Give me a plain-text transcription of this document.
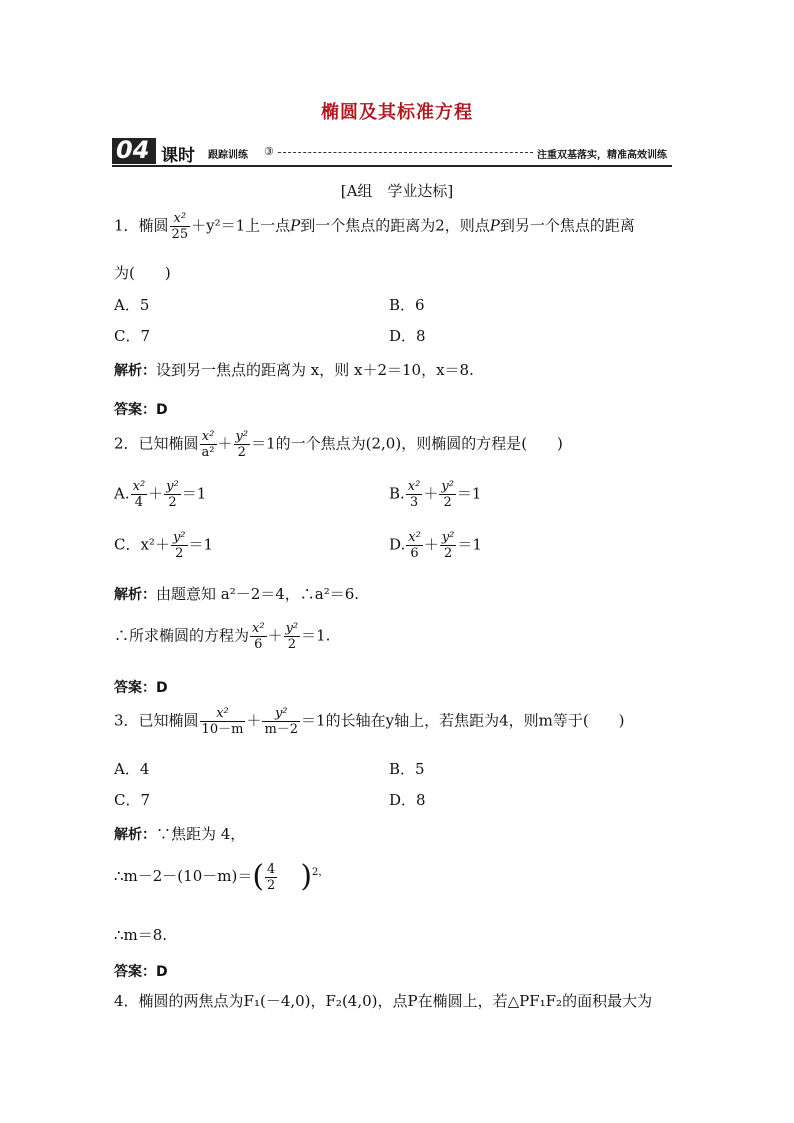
椭圆及其标准方程
04 课时 跟踪训练 ③	注重双基落实，精准高效训练
[A组　学业达标]
1．椭圆 $\frac{\text{x²}}{25} +y^2=1$上一点P到一个焦点的距离为2，则点P到另一个焦点的距离
为(　　)
A．5	B．6
C．7	D．8
解析：设到另一焦点的距离为 x，则 x＋2＝10，x＝8.
答案：D
2．已知椭圆 $\frac{\text{x²}}{\text{a²}} + \frac{\text{y²}}{2} =1$的一个焦点为(2,0)，则椭圆的方程是(　　)
A. $\frac{\text{x²}}{4} + \frac{\text{y²}}{2} =1$	B. $\frac{\text{x²}}{3} + \frac{\text{y²}}{2} =1$
C．$x^2+ \frac{\text{y²}}{2} =1$	D. $\frac{\text{x²}}{6} + \frac{\text{y²}}{2} =1$
解析：由题意知 a²－2＝4，∴a²＝6.
∴所求椭圆的方程为 $\frac{\text{x²}}{6} + \frac{\text{y²}}{2} =1$.
答案：D
3．已知椭圆 $\frac{\text{x²}}{10-m} + \frac{\text{y²}}{m-2} =1$的长轴在y轴上，若焦距为4，则m等于(　　)
A．4	B．5
C．7	D．8
解析：∵焦距为 4，
∴m－2－(10－m)＝( $\frac{4}{2} )^{2,}$
∴m＝8.
答案：D
4．椭圆的两焦点为F₁(－4,0)，F₂(4,0)，点P在椭圆上，若△PF₁F₂的面积最大为
